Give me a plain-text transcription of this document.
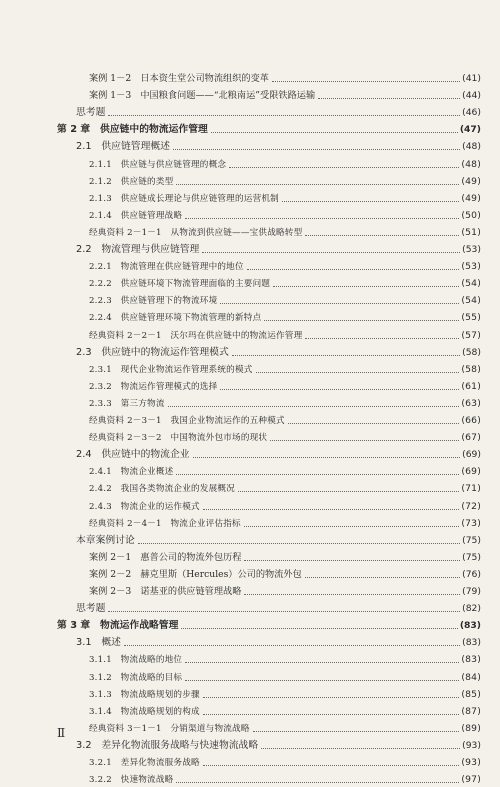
案例 1－2　日本资生堂公司物流组织的变革	(41)
案例 1－3　中国粮食问题——“北粮南运”受限铁路运输	(44)
思考题	(46)
第 2 章　供应链中的物流运作管理	(47)
2.1　供应链管理概述	(48)
2.1.1　供应链与供应链管理的概念	(48)
2.1.2　供应链的类型	(49)
2.1.3　供应链成长理论与供应链管理的运营机制	(49)
2.1.4　供应链管理战略	(50)
经典资料 2－1－1　从物流到供应链——宝供战略转型	(51)
2.2　物流管理与供应链管理	(53)
2.2.1　物流管理在供应链管理中的地位	(53)
2.2.2　供应链环境下物流管理面临的主要问题	(54)
2.2.3　供应链管理下的物流环境	(54)
2.2.4　供应链管理环境下物流管理的新特点	(55)
经典资料 2－2－1　沃尔玛在供应链中的物流运作管理	(57)
2.3　供应链中的物流运作管理模式	(58)
2.3.1　现代企业物流运作管理系统的模式	(58)
2.3.2　物流运作管理模式的选择	(61)
2.3.3　第三方物流	(63)
经典资料 2－3－1　我国企业物流运作的五种模式	(66)
经典资料 2－3－2　中国物流外包市场的现状	(67)
2.4　供应链中的物流企业	(69)
2.4.1　物流企业概述	(69)
2.4.2　我国各类物流企业的发展概况	(71)
2.4.3　物流企业的运作模式	(72)
经典资料 2－4－1　物流企业评估指标	(73)
本章案例讨论	(75)
案例 2－1　惠普公司的物流外包历程	(75)
案例 2－2　赫克里斯（Hercules）公司的物流外包	(76)
案例 2－3　诺基亚的供应链管理战略	(79)
思考题	(82)
第 3 章　物流运作战略管理	(83)
3.1　概述	(83)
3.1.1　物流战略的地位	(83)
3.1.2　物流战略的目标	(84)
3.1.3　物流战略规划的步骤	(85)
3.1.4　物流战略规划的构成	(87)
经典资料 3－1－1　分销渠道与物流战略	(89)
3.2　差异化物流服务战略与快速物流战略	(93)
3.2.1　差异化物流服务战略	(93)
3.2.2　快速物流战略	(97)
Ⅱ
